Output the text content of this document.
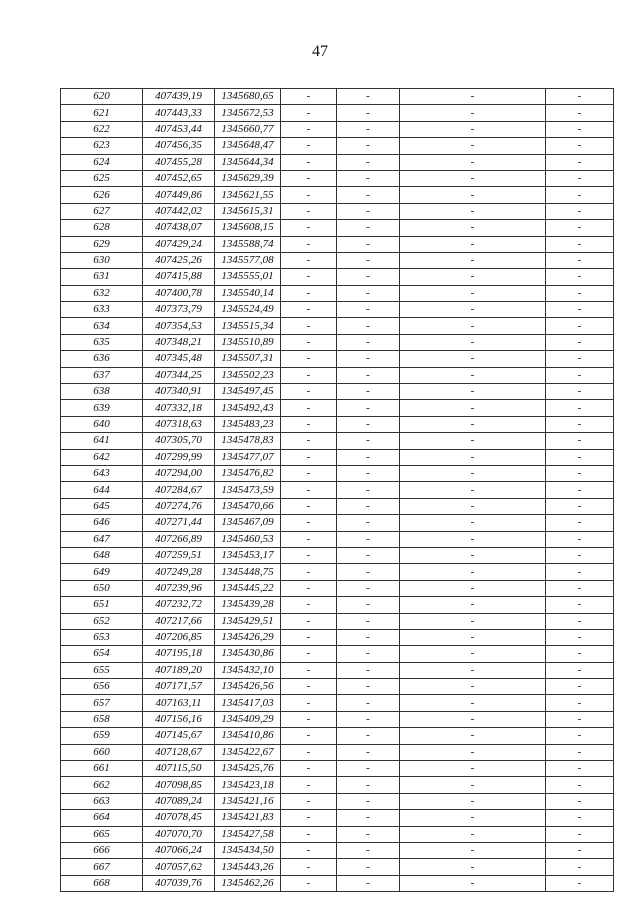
47
620	407439,19	1345680,65	-	-	-	-
621	407443,33	1345672,53	-	-	-	-
622	407453,44	1345660,77	-	-	-	-
623	407456,35	1345648,47	-	-	-	-
624	407455,28	1345644,34	-	-	-	-
625	407452,65	1345629,39	-	-	-	-
626	407449,86	1345621,55	-	-	-	-
627	407442,02	1345615,31	-	-	-	-
628	407438,07	1345608,15	-	-	-	-
629	407429,24	1345588,74	-	-	-	-
630	407425,26	1345577,08	-	-	-	-
631	407415,88	1345555,01	-	-	-	-
632	407400,78	1345540,14	-	-	-	-
633	407373,79	1345524,49	-	-	-	-
634	407354,53	1345515,34	-	-	-	-
635	407348,21	1345510,89	-	-	-	-
636	407345,48	1345507,31	-	-	-	-
637	407344,25	1345502,23	-	-	-	-
638	407340,91	1345497,45	-	-	-	-
639	407332,18	1345492,43	-	-	-	-
640	407318,63	1345483,23	-	-	-	-
641	407305,70	1345478,83	-	-	-	-
642	407299,99	1345477,07	-	-	-	-
643	407294,00	1345476,82	-	-	-	-
644	407284,67	1345473,59	-	-	-	-
645	407274,76	1345470,66	-	-	-	-
646	407271,44	1345467,09	-	-	-	-
647	407266,89	1345460,53	-	-	-	-
648	407259,51	1345453,17	-	-	-	-
649	407249,28	1345448,75	-	-	-	-
650	407239,96	1345445,22	-	-	-	-
651	407232,72	1345439,28	-	-	-	-
652	407217,66	1345429,51	-	-	-	-
653	407206,85	1345426,29	-	-	-	-
654	407195,18	1345430,86	-	-	-	-
655	407189,20	1345432,10	-	-	-	-
656	407171,57	1345426,56	-	-	-	-
657	407163,11	1345417,03	-	-	-	-
658	407156,16	1345409,29	-	-	-	-
659	407145,67	1345410,86	-	-	-	-
660	407128,67	1345422,67	-	-	-	-
661	407115,50	1345425,76	-	-	-	-
662	407098,85	1345423,18	-	-	-	-
663	407089,24	1345421,16	-	-	-	-
664	407078,45	1345421,83	-	-	-	-
665	407070,70	1345427,58	-	-	-	-
666	407066,24	1345434,50	-	-	-	-
667	407057,62	1345443,26	-	-	-	-
668	407039,76	1345462,26	-	-	-	-
